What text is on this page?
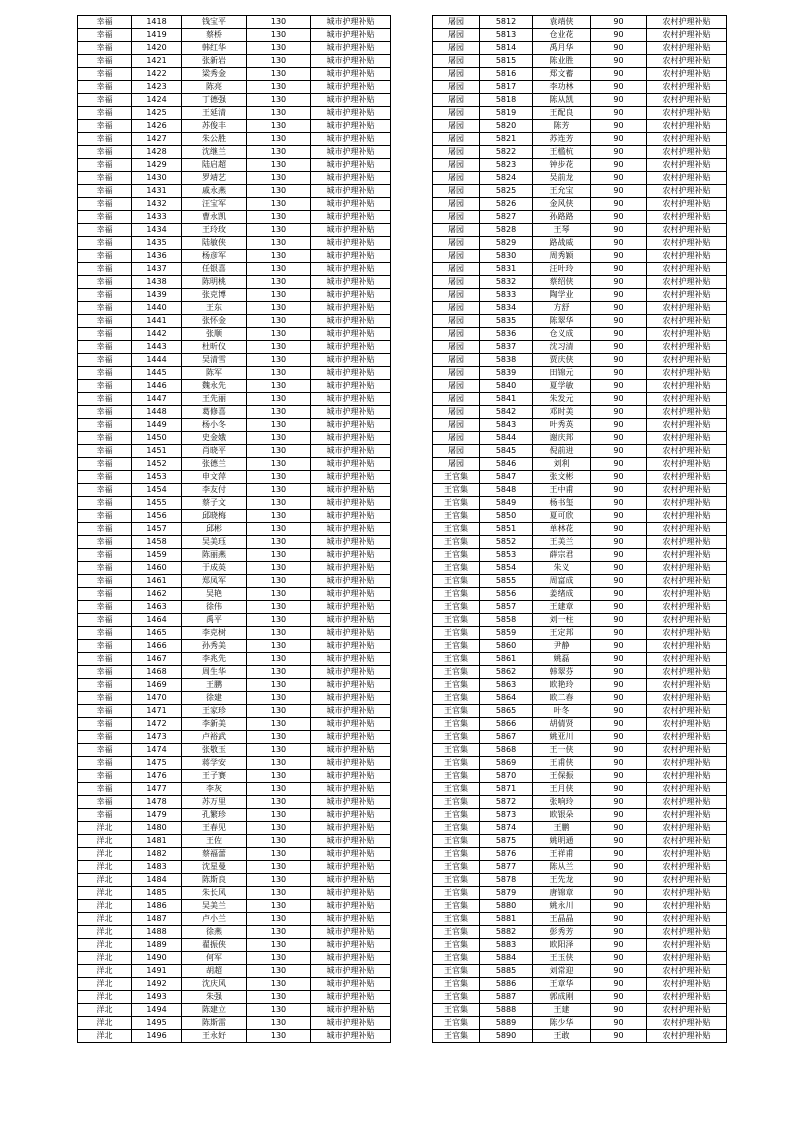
幸福	1418	钱宝平	130	城市护理补贴
幸福	1419	蔡桥	130	城市护理补贴
幸福	1420	韩红华	130	城市护理补贴
幸福	1421	张新岩	130	城市护理补贴
幸福	1422	梁秀金	130	城市护理补贴
幸福	1423	陈亮	130	城市护理补贴
幸福	1424	丁德强	130	城市护理补贴
幸福	1425	王延清	130	城市护理补贴
幸福	1426	苏俊丰	130	城市护理补贴
幸福	1427	朱公胜	130	城市护理补贴
幸福	1428	沈继兰	130	城市护理补贴
幸福	1429	陆启超	130	城市护理补贴
幸福	1430	罗靖艺	130	城市护理补贴
幸福	1431	戚永燕	130	城市护理补贴
幸福	1432	汪宝军	130	城市护理补贴
幸福	1433	曹永凯	130	城市护理补贴
幸福	1434	王玲玫	130	城市护理补贴
幸福	1435	陆敏侠	130	城市护理补贴
幸福	1436	杨彦军	130	城市护理补贴
幸福	1437	任银喜	130	城市护理补贴
幸福	1438	陈明桃	130	城市护理补贴
幸福	1439	张克博	130	城市护理补贴
幸福	1440	王东	130	城市护理补贴
幸福	1441	张怀金	130	城市护理补贴
幸福	1442	张顺	130	城市护理补贴
幸福	1443	杜昕仪	130	城市护理补贴
幸福	1444	吴清雪	130	城市护理补贴
幸福	1445	陈军	130	城市护理补贴
幸福	1446	魏永先	130	城市护理补贴
幸福	1447	王先丽	130	城市护理补贴
幸福	1448	葛修喜	130	城市护理补贴
幸福	1449	杨小冬	130	城市护理补贴
幸福	1450	史金娥	130	城市护理补贴
幸福	1451	肖晓平	130	城市护理补贴
幸福	1452	张德兰	130	城市护理补贴
幸福	1453	申文萍	130	城市护理补贴
幸福	1454	李友付	130	城市护理补贴
幸福	1455	蔡子文	130	城市护理补贴
幸福	1456	邱晓梅	130	城市护理补贴
幸福	1457	邱彬	130	城市护理补贴
幸福	1458	吴美珏	130	城市护理补贴
幸福	1459	陈丽燕	130	城市护理补贴
幸福	1460	于成英	130	城市护理补贴
幸福	1461	郑凤军	130	城市护理补贴
幸福	1462	吴艳	130	城市护理补贴
幸福	1463	徐伟	130	城市护理补贴
幸福	1464	禹平	130	城市护理补贴
幸福	1465	李克树	130	城市护理补贴
幸福	1466	孙秀美	130	城市护理补贴
幸福	1467	李兆先	130	城市护理补贴
幸福	1468	周生华	130	城市护理补贴
幸福	1469	王鹏	130	城市护理补贴
幸福	1470	徐建	130	城市护理补贴
幸福	1471	王家珍	130	城市护理补贴
幸福	1472	李新美	130	城市护理补贴
幸福	1473	卢裕武	130	城市护理补贴
幸福	1474	张敬玉	130	城市护理补贴
幸福	1475	蒋学安	130	城市护理补贴
幸福	1476	王子赛	130	城市护理补贴
幸福	1477	李灰	130	城市护理补贴
幸福	1478	苏万里	130	城市护理补贴
幸福	1479	孔繁珍	130	城市护理补贴
洋北	1480	王春见	130	城市护理补贴
洋北	1481	王佐	130	城市护理补贴
洋北	1482	蔡福蕾	130	城市护理补贴
洋北	1483	沈星曼	130	城市护理补贴
洋北	1484	陈斯良	130	城市护理补贴
洋北	1485	朱长风	130	城市护理补贴
洋北	1486	吴美兰	130	城市护理补贴
洋北	1487	卢小兰	130	城市护理补贴
洋北	1488	徐燕	130	城市护理补贴
洋北	1489	翟振侠	130	城市护理补贴
洋北	1490	何军	130	城市护理补贴
洋北	1491	胡超	130	城市护理补贴
洋北	1492	沈庆风	130	城市护理补贴
洋北	1493	朱强	130	城市护理补贴
洋北	1494	陈建立	130	城市护理补贴
洋北	1495	陈斯雷	130	城市护理补贴
洋北	1496	王永好	130	城市护理补贴
屠园	5812	袁靖侠	90	农村护理补贴
屠园	5813	仓业花	90	农村护理补贴
屠园	5814	禹月华	90	农村护理补贴
屠园	5815	陈业胜	90	农村护理补贴
屠园	5816	郑文蓄	90	农村护理补贴
屠园	5817	李功林	90	农村护理补贴
屠园	5818	陈从凯	90	农村护理补贴
屠园	5819	王配良	90	农村护理补贴
屠园	5820	陈芳	90	农村护理补贴
屠园	5821	苏连芳	90	农村护理补贴
屠园	5822	王槛杭	90	农村护理补贴
屠园	5823	钟步花	90	农村护理补贴
屠园	5824	吴前龙	90	农村护理补贴
屠园	5825	王允宝	90	农村护理补贴
屠园	5826	金风侠	90	农村护理补贴
屠园	5827	孙路路	90	农村护理补贴
屠园	5828	王琴	90	农村护理补贴
屠园	5829	路战威	90	农村护理补贴
屠园	5830	周秀颖	90	农村护理补贴
屠园	5831	汪叶玲	90	农村护理补贴
屠园	5832	蔡绍侠	90	农村护理补贴
屠园	5833	陶学业	90	农村护理补贴
屠园	5834	方舒	90	农村护理补贴
屠园	5835	陈翠华	90	农村护理补贴
屠园	5836	仓义成	90	农村护理补贴
屠园	5837	沈习清	90	农村护理补贴
屠园	5838	贾庆侠	90	农村护理补贴
屠园	5839	田锦元	90	农村护理补贴
屠园	5840	夏学敏	90	农村护理补贴
屠园	5841	朱发元	90	农村护理补贴
屠园	5842	邓时美	90	农村护理补贴
屠园	5843	叶秀英	90	农村护理补贴
屠园	5844	谢庆邦	90	农村护理补贴
屠园	5845	倪前进	90	农村护理补贴
屠园	5846	刘利	90	农村护理补贴
王官集	5847	张文彬	90	农村护理补贴
王官集	5848	王中甫	90	农村护理补贴
王官集	5849	杨书玺	90	农村护理补贴
王官集	5850	夏可欣	90	农村护理补贴
王官集	5851	单林花	90	农村护理补贴
王官集	5852	王美兰	90	农村护理补贴
王官集	5853	薛宗君	90	农村护理补贴
王官集	5854	朱义	90	农村护理补贴
王官集	5855	周富成	90	农村护理补贴
王官集	5856	姜绪成	90	农村护理补贴
王官集	5857	王建章	90	农村护理补贴
王官集	5858	刘一柱	90	农村护理补贴
王官集	5859	王定邦	90	农村护理补贴
王官集	5860	尹静	90	农村护理补贴
王官集	5861	姚磊	90	农村护理补贴
王官集	5862	韩翠芬	90	农村护理补贴
王官集	5863	欧艳玲	90	农村护理补贴
王官集	5864	欧二春	90	农村护理补贴
王官集	5865	叶冬	90	农村护理补贴
王官集	5866	胡倩贤	90	农村护理补贴
王官集	5867	姚亚川	90	农村护理补贴
王官集	5868	王一侠	90	农村护理补贴
王官集	5869	王甫侠	90	农村护理补贴
王官集	5870	王保振	90	农村护理补贴
王官集	5871	王月侠	90	农村护理补贴
王官集	5872	张响玲	90	农村护理补贴
王官集	5873	欧银朵	90	农村护理补贴
王官集	5874	王鹏	90	农村护理补贴
王官集	5875	姚明通	90	农村护理补贴
王官集	5876	王祥甫	90	农村护理补贴
王官集	5877	陈从兰	90	农村护理补贴
王官集	5878	王先龙	90	农村护理补贴
王官集	5879	唐锦章	90	农村护理补贴
王官集	5880	姚永川	90	农村护理补贴
王官集	5881	王晶晶	90	农村护理补贴
王官集	5882	彭秀芳	90	农村护理补贴
王官集	5883	欧阳泽	90	农村护理补贴
王官集	5884	王玉侠	90	农村护理补贴
王官集	5885	刘常迎	90	农村护理补贴
王官集	5886	王章华	90	农村护理补贴
王官集	5887	郭成刚	90	农村护理补贴
王官集	5888	王建	90	农村护理补贴
王官集	5889	陈少华	90	农村护理补贴
王官集	5890	王敢	90	农村护理补贴
